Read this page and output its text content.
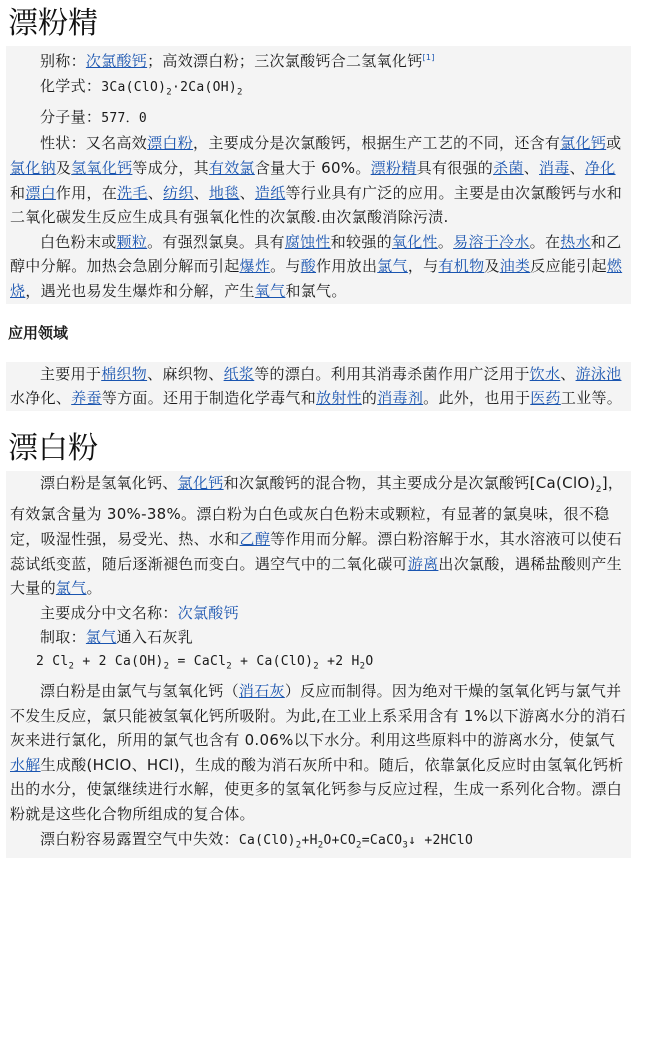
漂粉精

别称：次氯酸钙；高效漂白粉；三次氯酸钙合二氢氧化钙[1]

化学式：$3Ca(ClO)_2\cdot 2Ca(OH)_2$

分子量：577．0

性状：又名高效漂白粉，主要成分是次氯酸钙，根据生产工艺的不同，还含有氯化钙或氯化钠及氢氧化钙等成分，其有效氯含量大于 60%。漂粉精具有很强的杀菌、消毒、净化和漂白作用，在洗毛、纺织、地毯、造纸等行业具有广泛的应用。主要是由次氯酸钙与水和二氧化碳发生反应生成具有强氧化性的次氯酸.由次氯酸消除污渍.

白色粉末或颗粒。有强烈氯臭。具有腐蚀性和较强的氧化性。易溶于冷水。在热水和乙醇中分解。加热会急剧分解而引起爆炸。与酸作用放出氯气，与有机物及油类反应能引起燃烧，遇光也易发生爆炸和分解，产生氧气和氯气。

应用领域

主要用于棉织物、麻织物、纸浆等的漂白。利用其消毒杀菌作用广泛用于饮水、游泳池水净化、养蚕等方面。还用于制造化学毒气和放射性的消毒剂。此外，也用于医药工业等。

漂白粉

漂白粉是氢氧化钙、氯化钙和次氯酸钙的混合物，其主要成分是次氯酸钙$[Ca(ClO)_2]$，有效氯含量为 30%-38%。漂白粉为白色或灰白色粉末或颗粒，有显著的氯臭味，很不稳定，吸湿性强，易受光、热、水和乙醇等作用而分解。漂白粉溶解于水，其水溶液可以使石蕊试纸变蓝，随后逐渐褪色而变白。遇空气中的二氧化碳可游离出次氯酸，遇稀盐酸则产生大量的氯气。

主要成分中文名称：次氯酸钙

制取：氯气通入石灰乳

2 $Cl_2 + 2$ $Ca(OH)_2$ = CaCl$_2$ + $Ca(ClO)_2 +2$ $H_2O$

漂白粉是由氯气与氢氧化钙（消石灰）反应而制得。因为绝对干燥的氢氧化钙与氯气并不发生反应，氯只能被氢氧化钙所吸附。为此,在工业上系采用含有 1%以下游离水分的消石灰来进行氯化，所用的氯气也含有 0.06%以下水分。利用这些原料中的游离水分，使氯气水解生成酸(HClO、HCl)，生成的酸为消石灰所中和。随后，依靠氯化反应时由氢氧化钙析出的水分，使氯继续进行水解，使更多的氢氧化钙参与反应过程，生成一系列化合物。漂白粉就是这些化合物所组成的复合体。

漂白粉容易露置空气中失效：$Ca(ClO)_2+H_2O+CO_2=CaCO_3↓$ +2HClO
